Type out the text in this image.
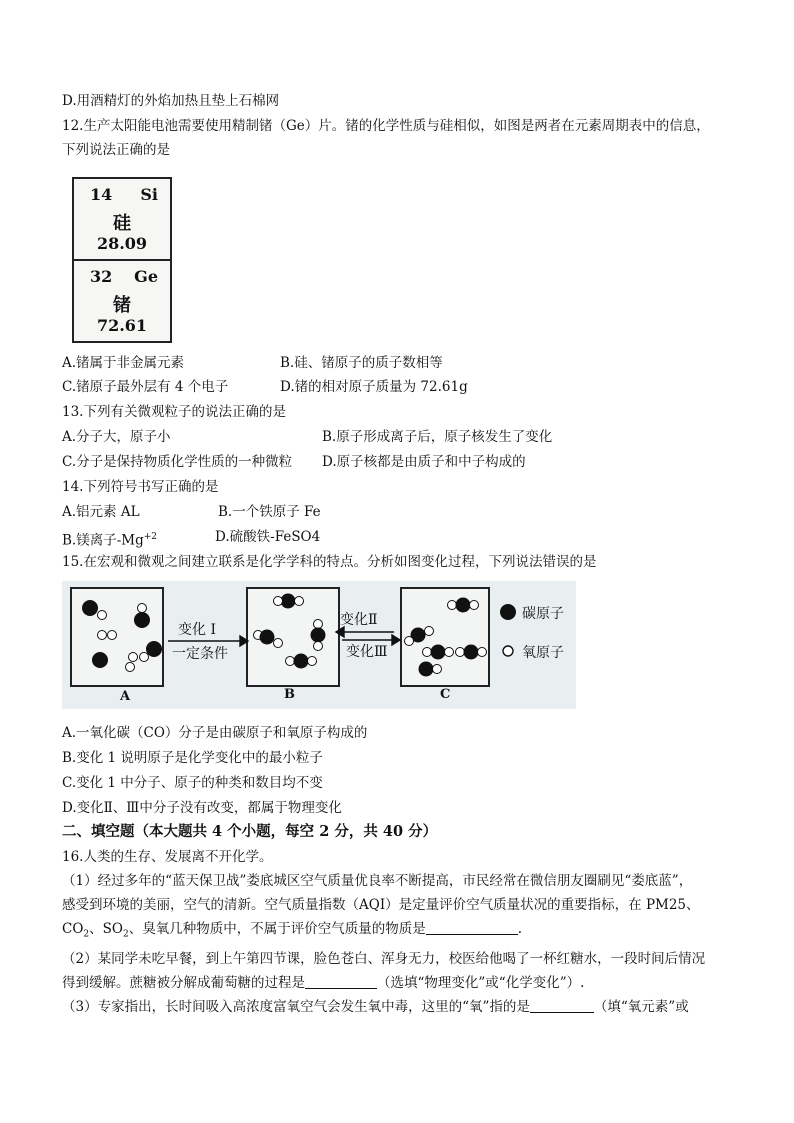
D.用酒精灯的外焰加热且垫上石棉网
12.生产太阳能电池需要使用精制锗（Ge）片。锗的化学性质与硅相似，如图是两者在元素周期表中的信息，
下列说法正确的是
14 Si
硅
28.09
32 Ge
锗
72.61
A.锗属于非金属元素	B.硅、锗原子的质子数相等
C.锗原子最外层有 4 个电子	D.锗的相对原子质量为 72.61g
13.下列有关微观粒子的说法正确的是
A.分子大，原子小	B.原子形成离子后，原子核发生了变化
C.分子是保持物质化学性质的一种微粒 D.原子核都是由质子和中子构成的
14.下列符号书写正确的是
A.铝元素 AL	B.一个铁原子 Fe
B.镁离子$-Mg^{+2}$	D.硫酸铁-FeSO4
15.在宏观和微观之间建立联系是化学学科的特点。分析如图变化过程，下列说法错误的是
A	B	C
变化 I
一定条件
变化Ⅱ
变化Ⅲ
碳原子
氧原子
A.一氧化碳（CO）分子是由碳原子和氧原子构成的
B.变化 1 说明原子是化学变化中的最小粒子
C.变化 1 中分子、原子的种类和数目均不变
D.变化Ⅱ、Ⅲ中分子没有改变，都属于物理变化
二、填空题（本大题共 4 个小题，每空 2 分，共 40 分）
16.人类的生存、发展离不开化学。
（1）经过多年的“蓝天保卫战”娄底城区空气质量优良率不断提高，市民经常在微信朋友圈刷见“娄底蓝”，
感受到环境的美丽，空气的清新。空气质量指数（AQI）是定量评价空气质量状况的重要指标，在 PM25、
$CO_2$、$SO_2$、臭氧几种物质中，不属于评价空气质量的物质是	.
（2）某同学未吃早餐，到上午第四节课，脸色苍白、浑身无力，校医给他喝了一杯红糖水，一段时间后情况
得到缓解。蔗糖被分解成葡萄糖的过程是	（选填“物理变化”或“化学变化”）.
（3）专家指出，长时间吸入高浓度富氧空气会发生氧中毒，这里的“氧”指的是	（填“氧元素”或
